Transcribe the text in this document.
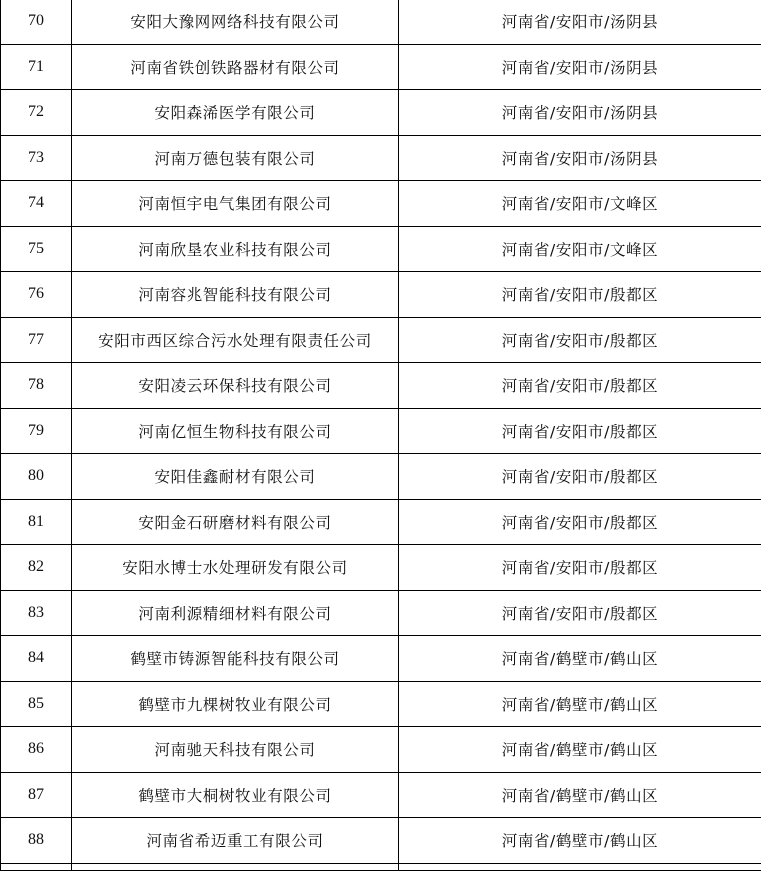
70	安阳大豫网网络科技有限公司	河南省/安阳市/汤阴县
71	河南省铁创铁路器材有限公司	河南省/安阳市/汤阴县
72	安阳森浠医学有限公司	河南省/安阳市/汤阴县
73	河南万德包装有限公司	河南省/安阳市/汤阴县
74	河南恒宇电气集团有限公司	河南省/安阳市/文峰区
75	河南欣垦农业科技有限公司	河南省/安阳市/文峰区
76	河南容兆智能科技有限公司	河南省/安阳市/殷都区
77	安阳市西区综合污水处理有限责任公司	河南省/安阳市/殷都区
78	安阳凌云环保科技有限公司	河南省/安阳市/殷都区
79	河南亿恒生物科技有限公司	河南省/安阳市/殷都区
80	安阳佳鑫耐材有限公司	河南省/安阳市/殷都区
81	安阳金石研磨材料有限公司	河南省/安阳市/殷都区
82	安阳水博士水处理研发有限公司	河南省/安阳市/殷都区
83	河南利源精细材料有限公司	河南省/安阳市/殷都区
84	鹤壁市铸源智能科技有限公司	河南省/鹤壁市/鹤山区
85	鹤壁市九棵树牧业有限公司	河南省/鹤壁市/鹤山区
86	河南驰天科技有限公司	河南省/鹤壁市/鹤山区
87	鹤壁市大桐树牧业有限公司	河南省/鹤壁市/鹤山区
88	河南省希迈重工有限公司	河南省/鹤壁市/鹤山区
